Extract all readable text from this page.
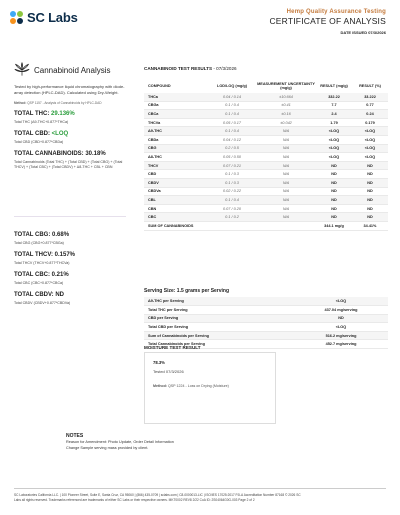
SC Labs	Hemp Quality Assurance Testing
CERTIFICATE OF ANALYSIS
DATE ISSUED 07/3/2026
Cannabinoid Analysis
Tested by high-performance liquid chromatography with diode-array detection (HPLC-DAD). Calculated using Dry-Weight.
Method: QSP 1157 - Analysis of Cannabinoids by HPLC-DAD
TOTAL THC: 29.136%
Total THC (Δ9-THC+0.877*THCa)
TOTAL CBD: <LOQ
Total CBD (CBD+0.877*CBDa)
TOTAL CANNABINOIDS: 30.18%
Total Cannabinoids (Total THC) + (Total CBD) + (Total CBG) + (Total THCV) + (Total CBC) + (Total CBDV) + Δ8-THC + CBL + CBN
TOTAL CBG: 0.68%
Total CBG (CBG+0.877*CBGa)
TOTAL THCV: 0.157%
Total THCV (THCV+0.877*THCVa)
TOTAL CBC: 0.21%
Total CBC (CBC+0.877*CBCa)
TOTAL CBDV: ND
Total CBDV (CBDV+0.877*CBDVa)
CANNABINOID TEST RESULTS - 07/3/2026
COMPOUND	LOD/LOQ (mg/g)	MEASUREMENT UNCERTAINTY (mg/g)	RESULT (mg/g)	RESULT (%)
THCa	0.04 / 0.14	±10.664	332.22	33.222
CBGa	0.1 / 0.4	±0.41	7.7	0.77
CBCa	0.1 / 0.4	±0.16	2.4	0.24
THCVa	0.05 / 0.17	±0.042	1.79	0.179
Δ9-THC	0.1 / 0.4	N/A	<LOQ	<LOQ
CBDa	0.04 / 0.12	N/A	<LOQ	<LOQ
CBG	0.2 / 0.5	N/A	<LOQ	<LOQ
Δ8-THC	0.05 / 0.50	N/A	<LOQ	<LOQ
THCV	0.07 / 0.21	N/A	ND	ND
CBD	0.1 / 0.3	N/A	ND	ND
CBDV	0.1 / 0.3	N/A	ND	ND
CBDVa	0.02 / 0.22	N/A	ND	ND
CBL	0.1 / 0.4	N/A	ND	ND
CBN	0.07 / 0.20	N/A	ND	ND
CBC	0.1 / 0.2	N/A	ND	ND
SUM OF CANNABINOIDS			344.1 mg/g	34.41%
Serving Size: 1.5 grams per Serving
Δ9-THC per Serving	<LOQ
Total THC per Serving	437.04 mg/serving
CBD per Serving	ND
Total CBD per Serving	<LOQ
Sum of Cannabinoids per Serving	516.2 mg/serving
Total Cannabinoids per Serving	452.7 mg/serving
MOISTURE TEST RESULT
78.3%
Tested 07/3/2026
Method: QSP 1224 - Loss on Drying (Moisture)
NOTES
Reason for Amendment: Photo Update, Order Detail Information
Change Sample serving mass provided by client.
SC Laboratories California LLC. | 100 Pioneer Street, Suite E, Santa Cruz, CA 95060 | (866) 435-0709 | sclabs.com | C8-0000013-LIC | ISO/IES 17025:2017 PJLA Accreditation Number 87168 © 2026 SC
Labs all rights reserved. Trademarks referenced are trademarks of either SC Labs or their respective owners. MKT0002 REV8 2/22 CoA ID: 2S04064G0G-003 Page 2 of 2
